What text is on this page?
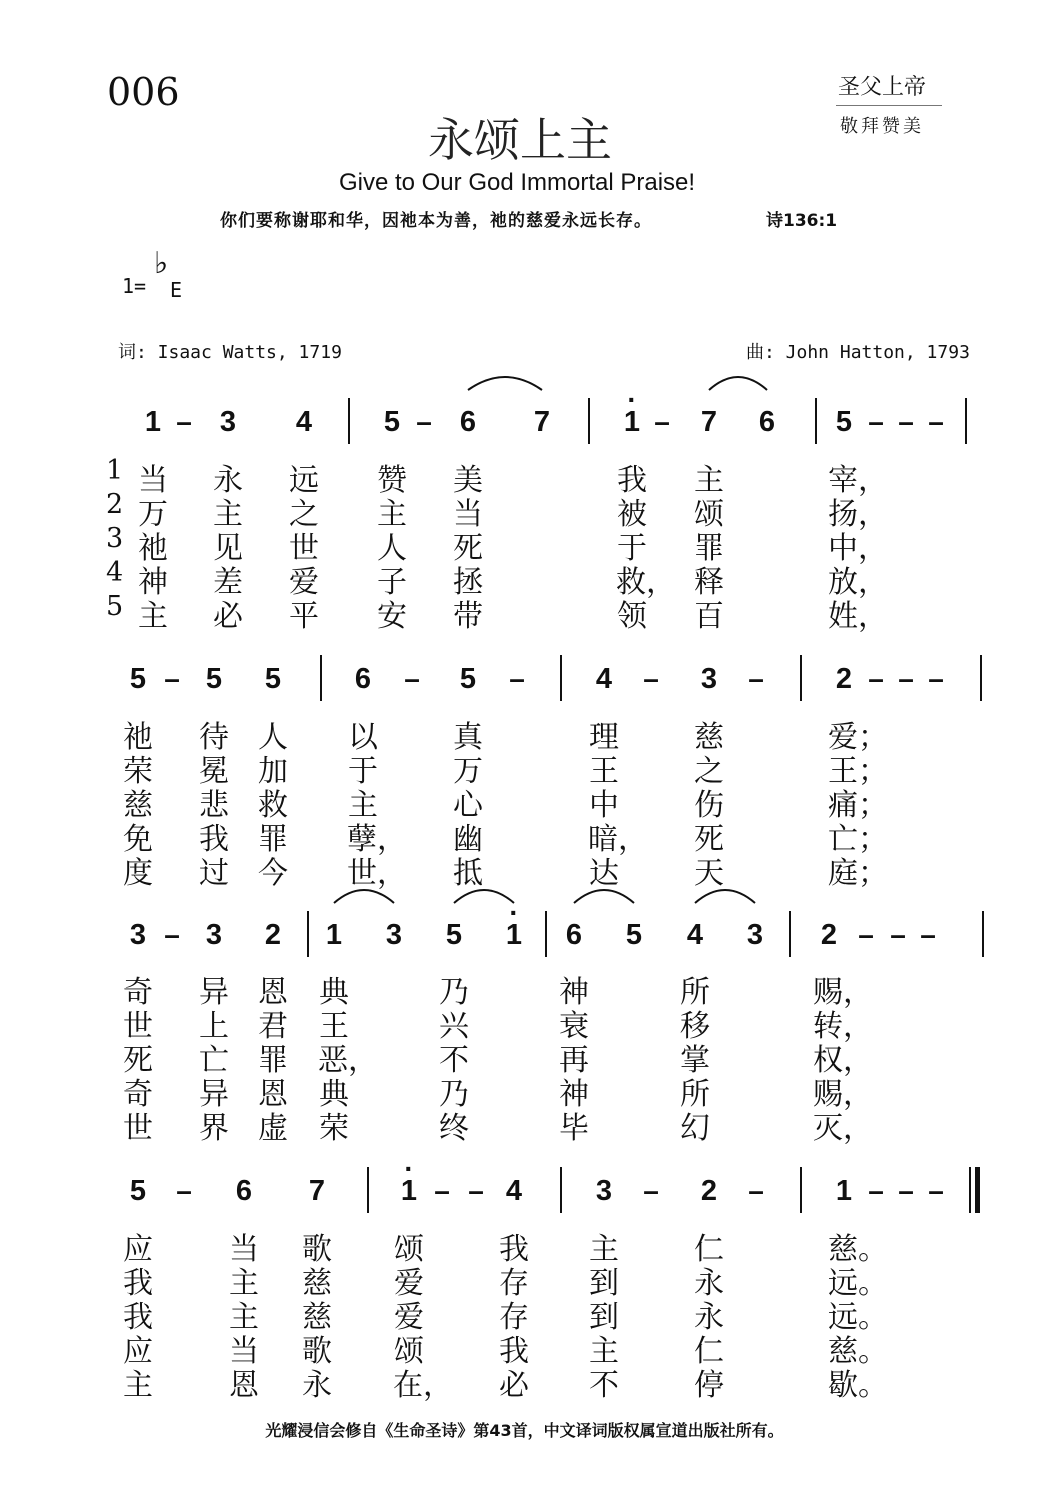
006	圣父上帝
敬拜赞美
永颂上主
Give to Our God Immortal Praise!
你们要称谢耶和华，因祂本为善，祂的慈爱永远长存。	诗136:1
1=
♭
E
词: Isaac Watts, 1719	曲: John Hatton, 1793
1 – 3 4 5 – 6 7	1 – 7 6 5 – – –
·
1 当 永 远 赞 美	我 主	宰，
2 万 主 之 主 当	被 颂	扬，
3 祂 见 世 人 死	于 罪	中，
4 神 差 爱 子 拯	救， 释	放，
5 主 必 平 安 带	领 百	姓，
5 – 5 5	6 – 5 – 4 – 3 – 2 – – –
祂 待 人 以	真	理	慈	爱；
荣 冕 加 于	万	王	之	王；
慈 悲 救 主	心	中	伤	痛；
免 我 罪 孽， 幽	暗， 死	亡；
度 过 今 世， 抵	达	天	庭；
3 – 3 2 1 3 5 1 6 5 4 3 2 – – –
·
奇 异 恩 典	乃	神	所	赐，
世 上 君 王	兴	衰	移	转，
死 亡 罪 恶， 不	再	掌	权，
奇 异 恩 典	乃	神	所	赐，
世 界 虚 荣	终	毕	幻	灭，
5 – 6 7	1 – – 4	3 – 2 – 1 – – –
·
应	当 歌 颂	我 主	仁	慈。
我	主 慈 爱	存 到	永	远。
我	主 慈 爱	存 到	永	远。
应	当 歌 颂	我 主	仁	慈。
主	恩 永 在， 必 不	停	歇。
光耀浸信会修自《生命圣诗》第43首，中文译词版权属宣道出版社所有。
